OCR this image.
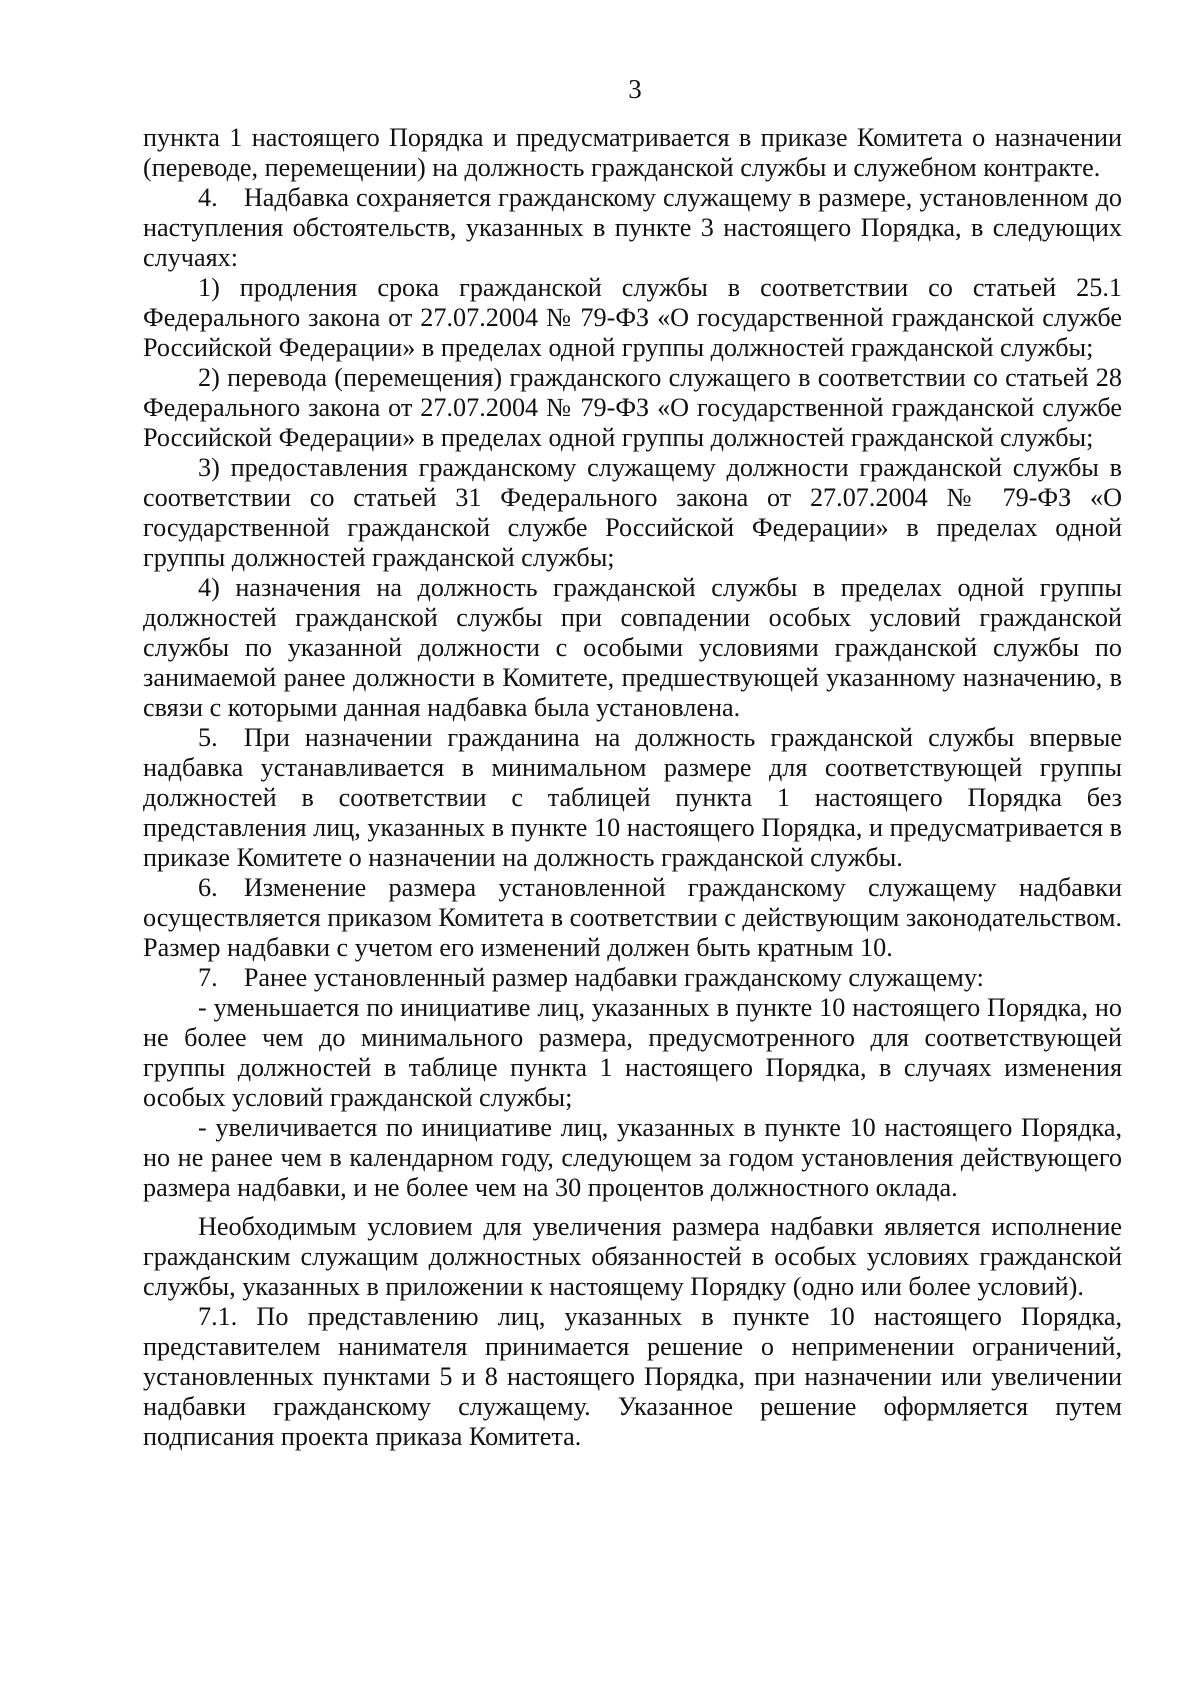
3

пункта 1 настоящего Порядка и предусматривается в приказе Комитета о назначении (переводе, перемещении) на должность гражданской службы и служебном контракте.

4. Надбавка сохраняется гражданскому служащему в размере, установленном до наступления обстоятельств, указанных в пункте 3 настоящего Порядка, в следующих случаях:

1) продления срока гражданской службы в соответствии со статьей 25.1 Федерального закона от 27.07.2004 № 79-ФЗ «О государственной гражданской службе Российской Федерации» в пределах одной группы должностей гражданской службы;

2) перевода (перемещения) гражданского служащего в соответствии со статьей 28 Федерального закона от 27.07.2004 № 79-ФЗ «О государственной гражданской службе Российской Федерации» в пределах одной группы должностей гражданской службы;

3) предоставления гражданскому служащему должности гражданской службы в соответствии со статьей 31 Федерального закона от 27.07.2004 № 79-ФЗ «О государственной гражданской службе Российской Федерации» в пределах одной группы должностей гражданской службы;

4) назначения на должность гражданской службы в пределах одной группы должностей гражданской службы при совпадении особых условий гражданской службы по указанной должности с особыми условиями гражданской службы по занимаемой ранее должности в Комитете, предшествующей указанному назначению, в связи с которыми данная надбавка была установлена.

5. При назначении гражданина на должность гражданской службы впервые надбавка устанавливается в минимальном размере для соответствующей группы должностей в соответствии с таблицей пункта 1 настоящего Порядка без представления лиц, указанных в пункте 10 настоящего Порядка, и предусматривается в приказе Комитете о назначении на должность гражданской службы.

6. Изменение размера установленной гражданскому служащему надбавки осуществляется приказом Комитета в соответствии с действующим законодательством. Размер надбавки с учетом его изменений должен быть кратным 10.

7. Ранее установленный размер надбавки гражданскому служащему:

- уменьшается по инициативе лиц, указанных в пункте 10 настоящего Порядка, но не более чем до минимального размера, предусмотренного для соответствующей группы должностей в таблице пункта 1 настоящего Порядка, в случаях изменения особых условий гражданской службы;

- увеличивается по инициативе лиц, указанных в пункте 10 настоящего Порядка, но не ранее чем в календарном году, следующем за годом установления действующего размера надбавки, и не более чем на 30 процентов должностного оклада.

Необходимым условием для увеличения размера надбавки является исполнение гражданским служащим должностных обязанностей в особых условиях гражданской службы, указанных в приложении к настоящему Порядку (одно или более условий).

7.1. По представлению лиц, указанных в пункте 10 настоящего Порядка, представителем нанимателя принимается решение о неприменении ограничений, установленных пунктами 5 и 8 настоящего Порядка, при назначении или увеличении надбавки гражданскому служащему. Указанное решение оформляется путем подписания проекта приказа Комитета.
